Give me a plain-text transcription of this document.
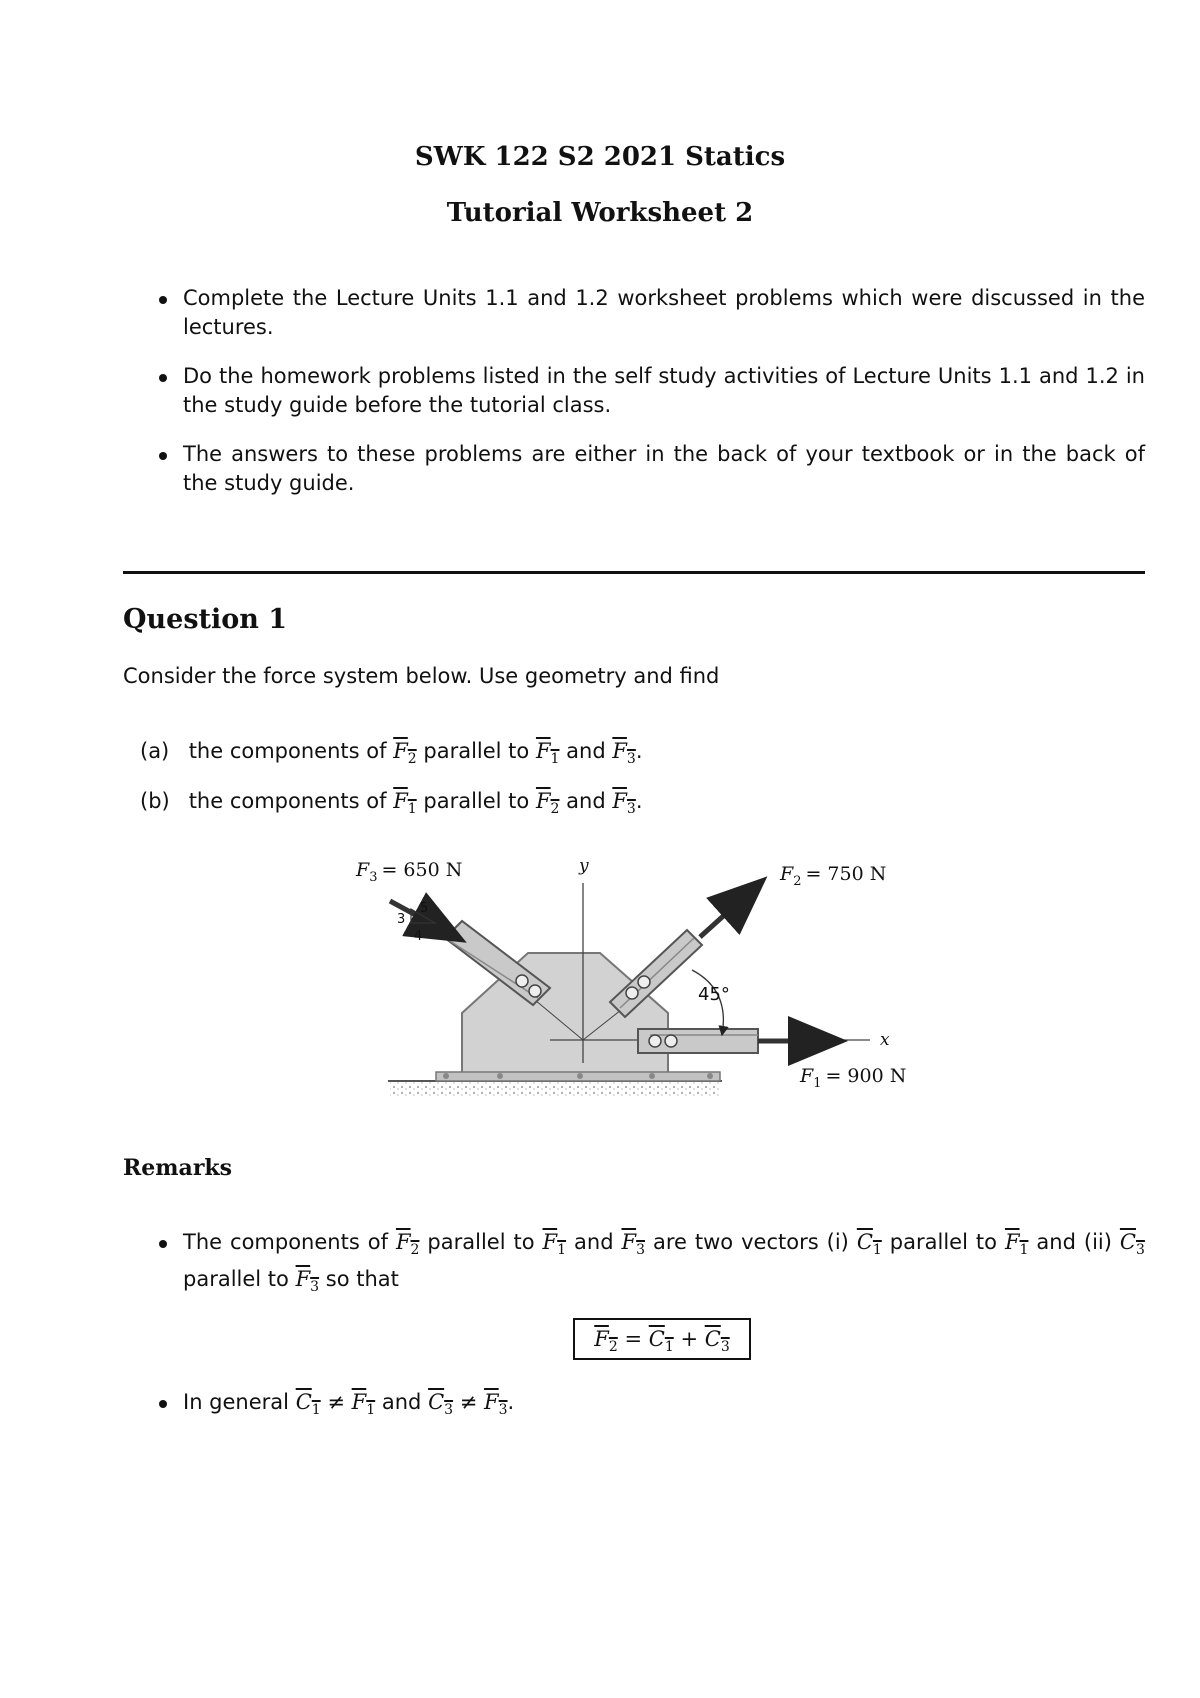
SWK 122 S2 2021 Statics
Tutorial Worksheet 2
Complete the Lecture Units 1.1 and 1.2 worksheet problems which were discussed in the lectures.
Do the homework problems listed in the self study activities of Lecture Units 1.1 and 1.2 in the study guide before the tutorial class.
The answers to these problems are either in the back of your textbook or in the back of the study guide.
Question 1
Consider the force system below. Use geometry and find
(a) the components of $F_2$ parallel to $F_1$ and $F_3$.
(b) the components of $F_1$ parallel to $F_2$ and $F_3$.
$F_3 = 650$ N	$F_2 = 750$ N
$F_1 = 900$ N
y
x
45°
3
4
5
Remarks
The components of $F_2$ parallel to $F_1$ and $F_3$ are two vectors (i) $C_1$ parallel to $F_1$ and (ii) $C_3$ parallel to $F_3$ so that
$F_2 = C_1 + C_3$
In general $C_1 \ne F_1$ and $C_3 \ne F_3$.
